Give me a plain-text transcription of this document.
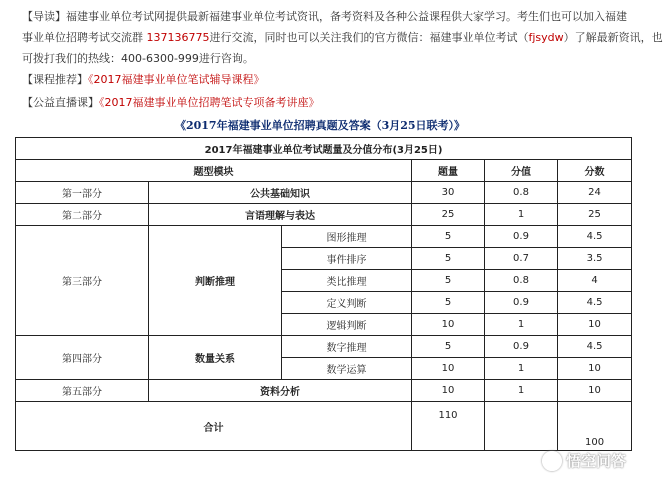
【导读】福建事业单位考试网提供最新福建事业单位考试资讯，备考资料及各种公益课程供大家学习。考生们也可以加入福建
事业单位招聘考试交流群 137136775进行交流，同时也可以关注我们的官方微信：福建事业单位考试（fjsydw）了解最新资讯，也
可拨打我们的热线：400-6300-999进行咨询。
【课程推荐】《2017福建事业单位笔试辅导课程》
【公益直播课】《2017福建事业单位招聘笔试专项备考讲座》
《2017年福建事业单位招聘真题及答案（3月25日联考）》
2017年福建事业单位考试题量及分值分布(3月25日)					
题型模块			题量	分值	分数
第一部分	公共基础知识		30	0.8	24
第二部分	言语理解与表达		25	1	25
第三部分	判断推理	图形推理	5	0.9	4.5
		事件排序	5	0.7	3.5
		类比推理	5	0.8	4
		定义判断	5	0.9	4.5
		逻辑判断	10	1	10
第四部分	数量关系	数字推理	5	0.9	4.5
		数学运算	10	1	10
第五部分	资料分析		10	1	10
合计			110		100
悟空问答
